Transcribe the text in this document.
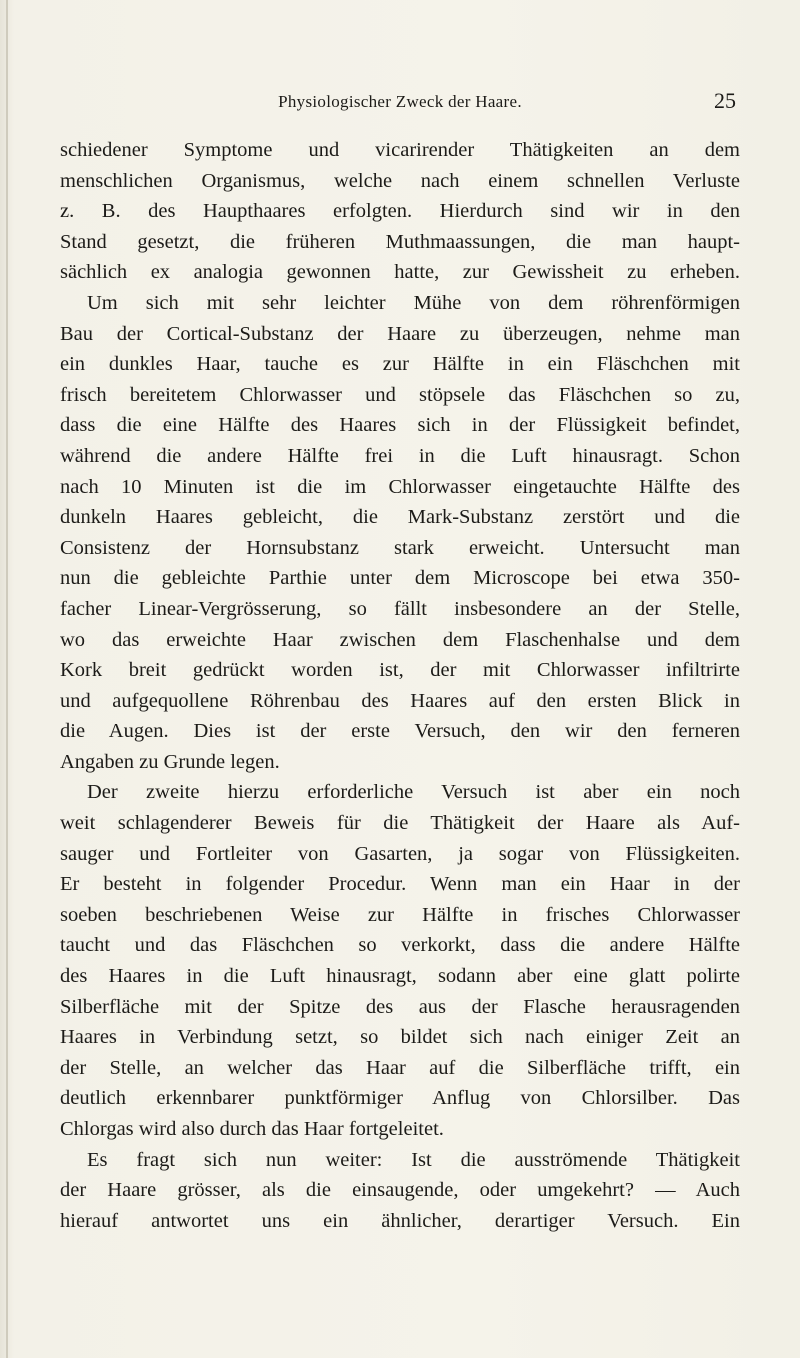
Physiologischer Zweck der Haare.	25
schiedener Symptome und vicarirender Thätigkeiten an dem
menschlichen Organismus, welche nach einem schnellen Verluste
z. B. des Haupthaares erfolgten. Hierdurch sind wir in den
Stand gesetzt, die früheren Muthmaassungen, die man haupt-
sächlich ex analogia gewonnen hatte, zur Gewissheit zu erheben.
Um sich mit sehr leichter Mühe von dem röhrenförmigen
Bau der Cortical-Substanz der Haare zu überzeugen, nehme man
ein dunkles Haar, tauche es zur Hälfte in ein Fläschchen mit
frisch bereitetem Chlorwasser und stöpsele das Fläschchen so zu,
dass die eine Hälfte des Haares sich in der Flüssigkeit befindet,
während die andere Hälfte frei in die Luft hinausragt. Schon
nach 10 Minuten ist die im Chlorwasser eingetauchte Hälfte des
dunkeln Haares gebleicht, die Mark-Substanz zerstört und die
Consistenz der Hornsubstanz stark erweicht. Untersucht man
nun die gebleichte Parthie unter dem Microscope bei etwa 350-
facher Linear-Vergrösserung, so fällt insbesondere an der Stelle,
wo das erweichte Haar zwischen dem Flaschenhalse und dem
Kork breit gedrückt worden ist, der mit Chlorwasser infiltrirte
und aufgequollene Röhrenbau des Haares auf den ersten Blick in
die Augen. Dies ist der erste Versuch, den wir den ferneren
Angaben zu Grunde legen.
Der zweite hierzu erforderliche Versuch ist aber ein noch
weit schlagenderer Beweis für die Thätigkeit der Haare als Auf-
sauger und Fortleiter von Gasarten, ja sogar von Flüssigkeiten.
Er besteht in folgender Procedur. Wenn man ein Haar in der
soeben beschriebenen Weise zur Hälfte in frisches Chlorwasser
taucht und das Fläschchen so verkorkt, dass die andere Hälfte
des Haares in die Luft hinausragt, sodann aber eine glatt polirte
Silberfläche mit der Spitze des aus der Flasche herausragenden
Haares in Verbindung setzt, so bildet sich nach einiger Zeit an
der Stelle, an welcher das Haar auf die Silberfläche trifft, ein
deutlich erkennbarer punktförmiger Anflug von Chlorsilber. Das
Chlorgas wird also durch das Haar fortgeleitet.
Es fragt sich nun weiter: Ist die ausströmende Thätigkeit
der Haare grösser, als die einsaugende, oder umgekehrt? — Auch
hierauf antwortet uns ein ähnlicher, derartiger Versuch. Ein
